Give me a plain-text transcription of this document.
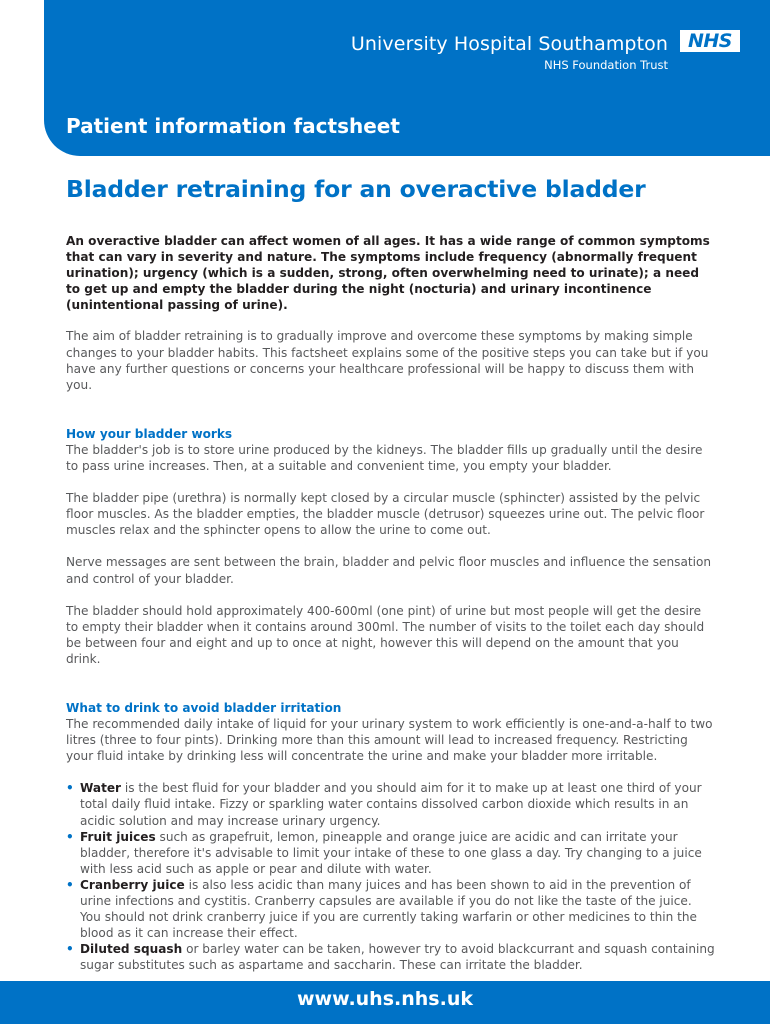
University Hospital Southampton
NHS Foundation Trust
NHS
Patient information factsheet
Bladder retraining for an overactive bladder

An overactive bladder can affect women of all ages. It has a wide range of common symptoms that can vary in severity and nature. The symptoms include frequency (abnormally frequent urination); urgency (which is a sudden, strong, often overwhelming need to urinate); a need to get up and empty the bladder during the night (nocturia) and urinary incontinence (unintentional passing of urine).

The aim of bladder retraining is to gradually improve and overcome these symptoms by making simple changes to your bladder habits. This factsheet explains some of the positive steps you can take but if you have any further questions or concerns your healthcare professional will be happy to discuss them with you.

How your bladder works

The bladder's job is to store urine produced by the kidneys. The bladder fills up gradually until the desire to pass urine increases. Then, at a suitable and convenient time, you empty your bladder.

The bladder pipe (urethra) is normally kept closed by a circular muscle (sphincter) assisted by the pelvic floor muscles. As the bladder empties, the bladder muscle (detrusor) squeezes urine out. The pelvic floor muscles relax and the sphincter opens to allow the urine to come out.

Nerve messages are sent between the brain, bladder and pelvic floor muscles and influence the sensation and control of your bladder.

The bladder should hold approximately 400-600ml (one pint) of urine but most people will get the desire to empty their bladder when it contains around 300ml. The number of visits to the toilet each day should be between four and eight and up to once at night, however this will depend on the amount that you drink.

What to drink to avoid bladder irritation

The recommended daily intake of liquid for your urinary system to work efficiently is one-and-a-half to two litres (three to four pints). Drinking more than this amount will lead to increased frequency. Restricting your fluid intake by drinking less will concentrate the urine and make your bladder more irritable.

• Water is the best fluid for your bladder and you should aim for it to make up at least one third of your total daily fluid intake. Fizzy or sparkling water contains dissolved carbon dioxide which results in an acidic solution and may increase urinary urgency.
• Fruit juices such as grapefruit, lemon, pineapple and orange juice are acidic and can irritate your bladder, therefore it's advisable to limit your intake of these to one glass a day. Try changing to a juice with less acid such as apple or pear and dilute with water.
• Cranberry juice is also less acidic than many juices and has been shown to aid in the prevention of urine infections and cystitis. Cranberry capsules are available if you do not like the taste of the juice. You should not drink cranberry juice if you are currently taking warfarin or other medicines to thin the blood as it can increase their effect.
• Diluted squash or barley water can be taken, however try to avoid blackcurrant and squash containing sugar substitutes such as aspartame and saccharin. These can irritate the bladder.
www.uhs.nhs.uk
